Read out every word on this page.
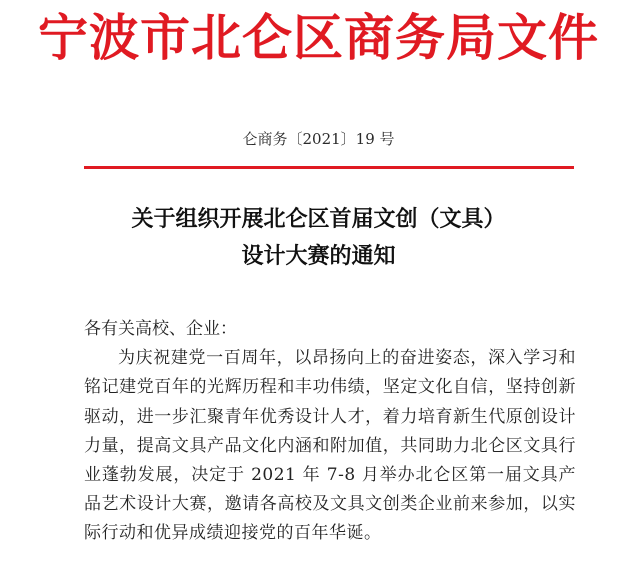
宁波市北仑区商务局文件
仑商务〔2021〕19 号
关于组织开展北仑区首届文创（文具）
设计大赛的通知

各有关高校、企业：

为庆祝建党一百周年，以昂扬向上的奋进姿态，深入学习和铭记建党百年的光辉历程和丰功伟绩，坚定文化自信，坚持创新驱动，进一步汇聚青年优秀设计人才，着力培育新生代原创设计力量，提高文具产品文化内涵和附加值，共同助力北仑区文具行业蓬勃发展，决定于 2021 年 7-8 月举办北仑区第一届文具产品艺术设计大赛，邀请各高校及文具文创类企业前来参加，以实际行动和优异成绩迎接党的百年华诞。
